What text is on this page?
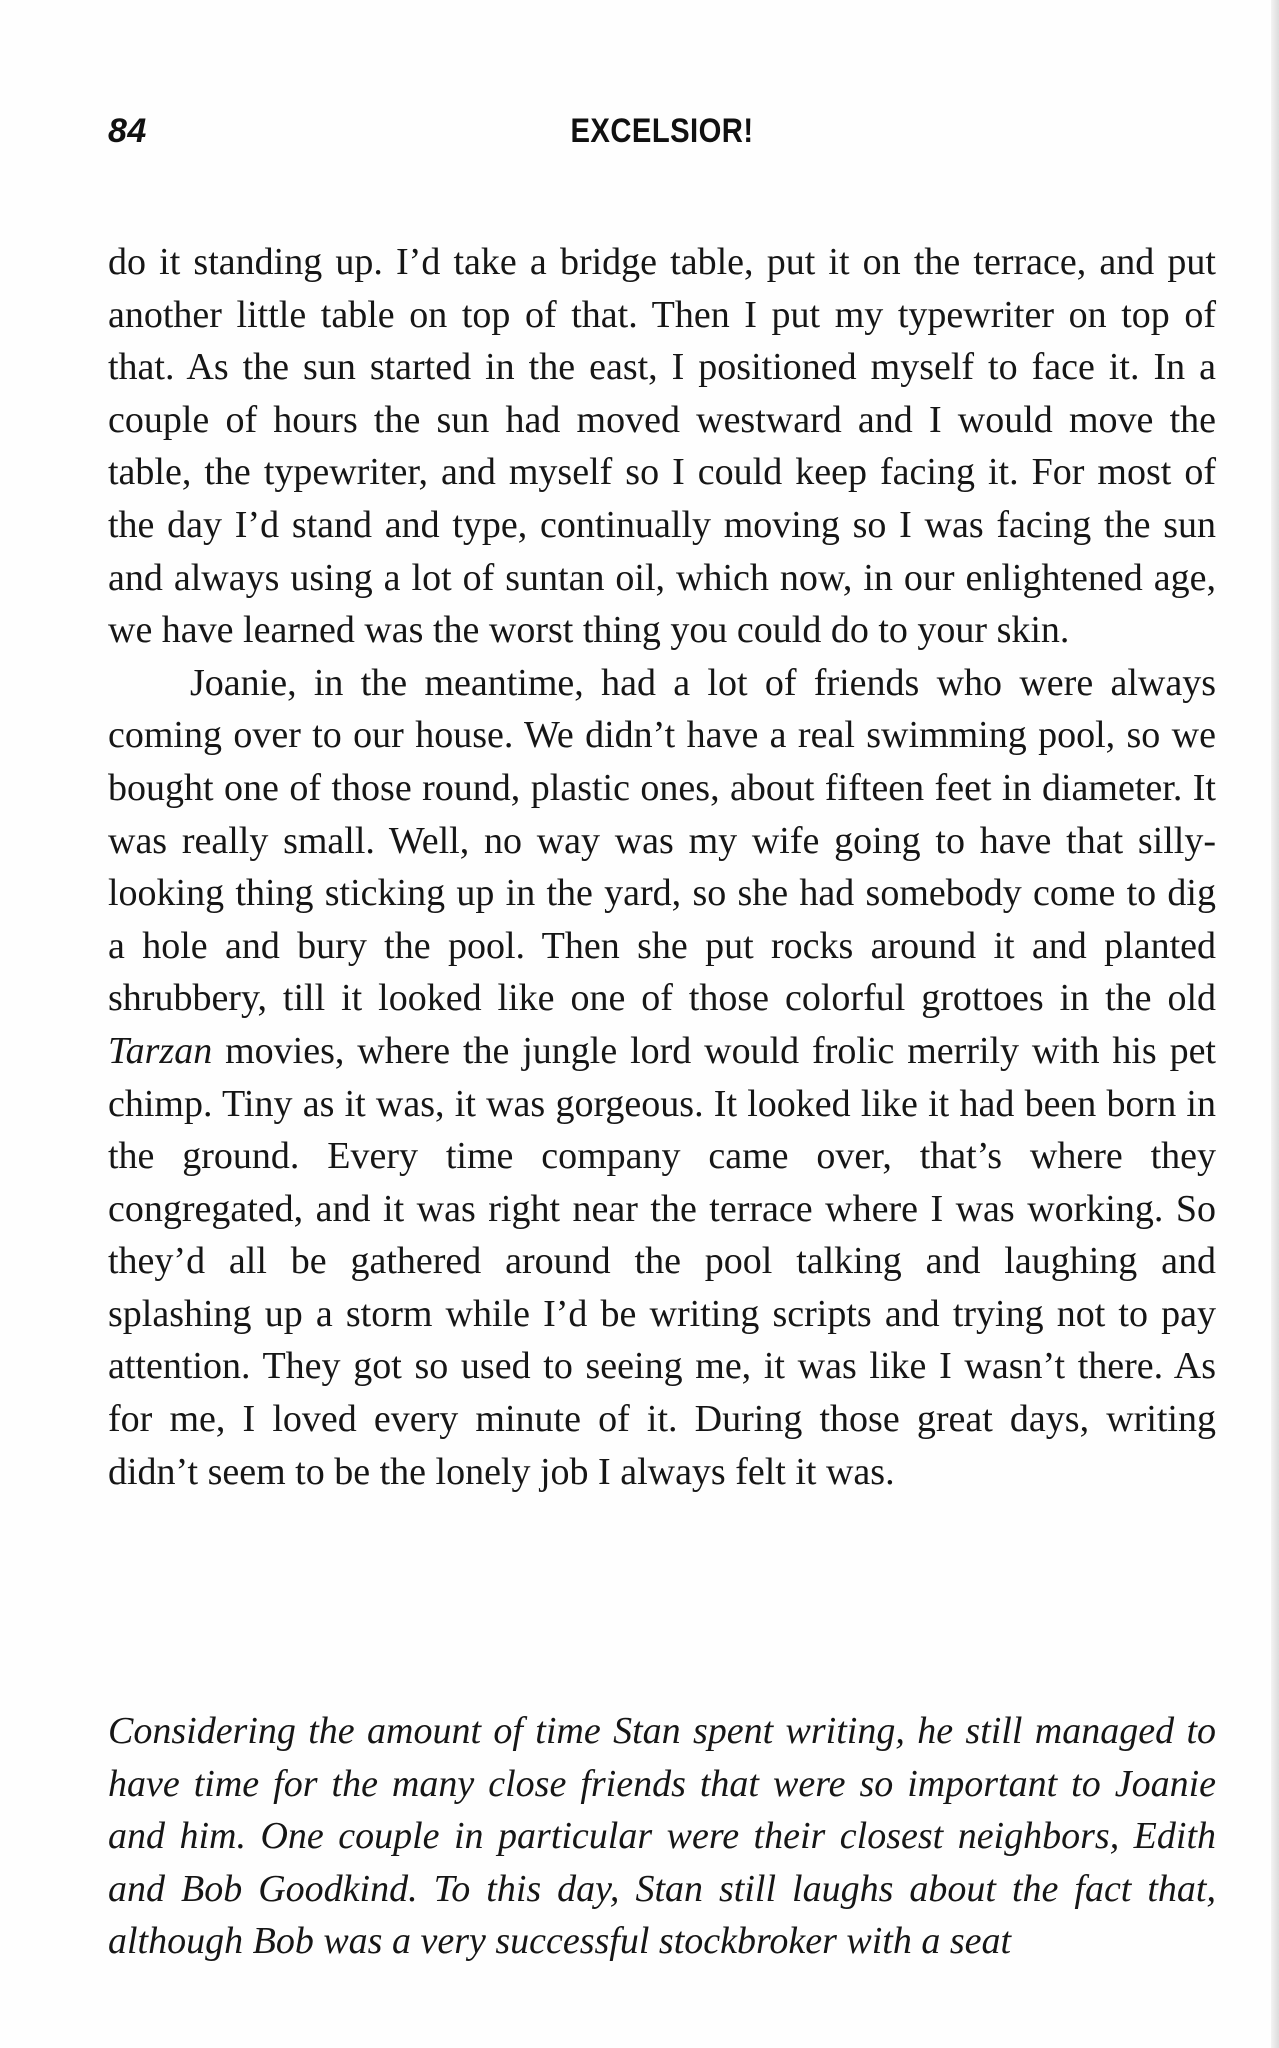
84	EXCELSIOR!

do it standing up. I’d take a bridge table, put it on the terrace, and put another little table on top of that. Then I put my typewriter on top of that. As the sun started in the east, I positioned myself to face it. In a couple of hours the sun had moved westward and I would move the table, the typewriter, and myself so I could keep facing it. For most of the day I’d stand and type, continually moving so I was facing the sun and always using a lot of suntan oil, which now, in our enlightened age, we have learned was the worst thing you could do to your skin.

Joanie, in the meantime, had a lot of friends who were always coming over to our house. We didn’t have a real swimming pool, so we bought one of those round, plastic ones, about fifteen feet in diameter. It was really small. Well, no way was my wife going to have that silly-looking thing sticking up in the yard, so she had somebody come to dig a hole and bury the pool. Then she put rocks around it and planted shrubbery, till it looked like one of those colorful grottoes in the old Tarzan movies, where the jungle lord would frolic merrily with his pet chimp. Tiny as it was, it was gorgeous. It looked like it had been born in the ground. Every time company came over, that’s where they congregated, and it was right near the terrace where I was working. So they’d all be gathered around the pool talking and laughing and splashing up a storm while I’d be writing scripts and trying not to pay attention. They got so used to seeing me, it was like I wasn’t there. As for me, I loved every minute of it. During those great days, writing didn’t seem to be the lonely job I always felt it was.

Considering the amount of time Stan spent writing, he still managed to have time for the many close friends that were so important to Joanie and him. One couple in particular were their closest neighbors, Edith and Bob Goodkind. To this day, Stan still laughs about the fact that, although Bob was a very successful stockbroker with a seat
